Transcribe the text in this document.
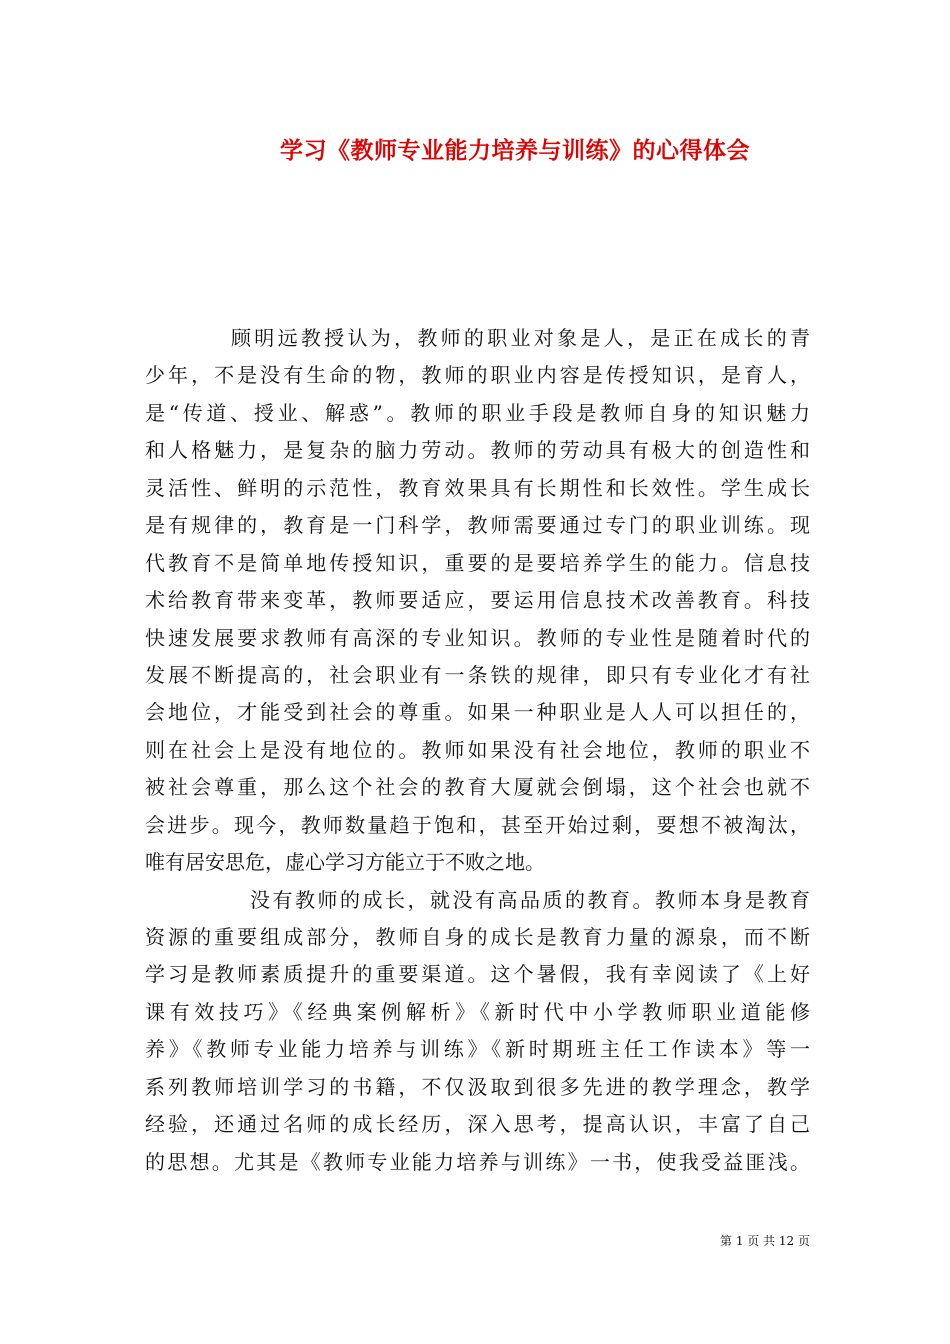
学习《教师专业能力培养与训练》的心得体会
顾明远教授认为，教师的职业对象是人，是正在成长的青
少年，不是没有生命的物，教师的职业内容是传授知识，是育人，
是“传道、授业、解惑”。教师的职业手段是教师自身的知识魅力
和人格魅力，是复杂的脑力劳动。教师的劳动具有极大的创造性和
灵活性、鲜明的示范性，教育效果具有长期性和长效性。学生成长
是有规律的，教育是一门科学，教师需要通过专门的职业训练。现
代教育不是简单地传授知识，重要的是要培养学生的能力。信息技
术给教育带来变革，教师要适应，要运用信息技术改善教育。科技
快速发展要求教师有高深的专业知识。教师的专业性是随着时代的
发展不断提高的，社会职业有一条铁的规律，即只有专业化才有社
会地位，才能受到社会的尊重。如果一种职业是人人可以担任的，
则在社会上是没有地位的。教师如果没有社会地位，教师的职业不
被社会尊重，那么这个社会的教育大厦就会倒塌，这个社会也就不
会进步。现今，教师数量趋于饱和，甚至开始过剩，要想不被淘汰，
唯有居安思危，虚心学习方能立于不败之地。
没有教师的成长，就没有高品质的教育。教师本身是教育
资源的重要组成部分，教师自身的成长是教育力量的源泉，而不断
学习是教师素质提升的重要渠道。这个暑假，我有幸阅读了《上好
课有效技巧》《经典案例解析》《新时代中小学教师职业道能修
养》《教师专业能力培养与训练》《新时期班主任工作读本》等一
系列教师培训学习的书籍，不仅汲取到很多先进的教学理念，教学
经验，还通过名师的成长经历，深入思考，提高认识，丰富了自己
的思想。尤其是《教师专业能力培养与训练》一书，使我受益匪浅。
第 1 页 共 12 页
